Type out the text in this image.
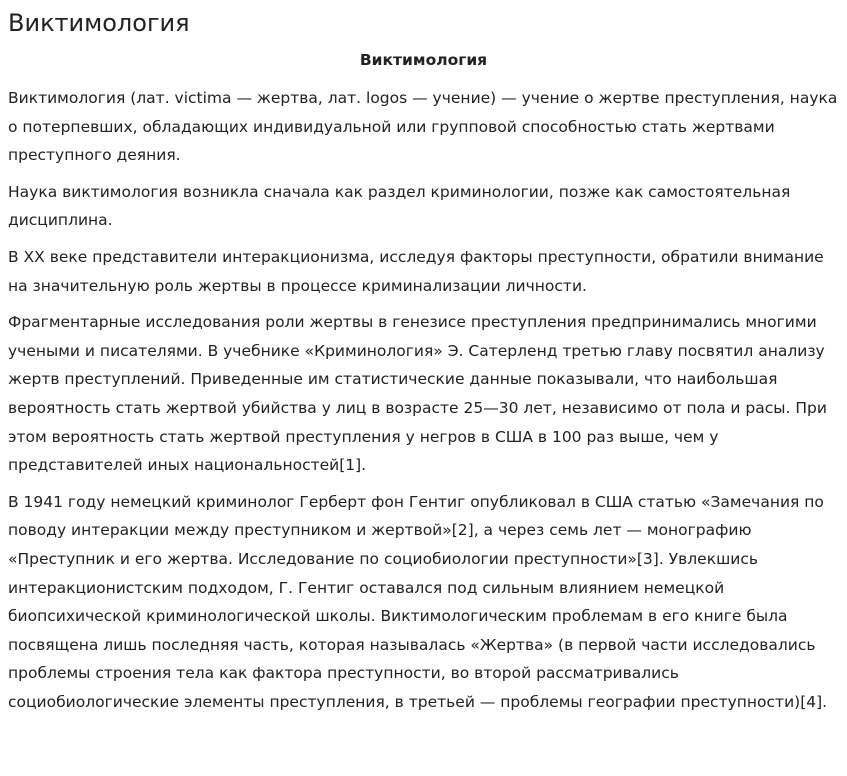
Виктимология
Виктимология

Виктимология (лат. victima — жертва, лат. logos — учение) — учение о жертве преступления, наука о потерпевших, обладающих индивидуальной или групповой способностью стать жертвами преступного деяния.

Наука виктимология возникла сначала как раздел криминологии, позже как самостоятельная дисциплина.

В XX веке представители интеракционизма, исследуя факторы преступности, обратили внимание на значительную роль жертвы в процессе криминализации личности.

Фрагментарные исследования роли жертвы в генезисе преступления предпринимались многими учеными и писателями. В учебнике «Криминология» Э. Сатерленд третью главу посвятил анализу жертв преступлений. Приведенные им статистические данные показывали, что наибольшая вероятность стать жертвой убийства у лиц в возрасте 25—30 лет, независимо от пола и расы. При этом вероятность стать жертвой преступления у негров в США в 100 раз выше, чем у представителей иных национальностей[1].

В 1941 году немецкий криминолог Герберт фон Гентиг опубликовал в США статью «Замечания по поводу интеракции между преступником и жертвой»[2], а через семь лет — монографию «Преступник и его жертва. Исследование по социобиологии преступности»[3]. Увлекшись интеракционистским подходом, Г. Гентиг оставался под сильным влиянием немецкой биопсихической криминологической школы. Виктимологическим проблемам в его книге была посвящена лишь последняя часть, которая называлась «Жертва» (в первой части исследовались проблемы строения тела как фактора преступности, во второй рассматривались социобиологические элементы преступления, в третьей — проблемы географии преступности)[4].
